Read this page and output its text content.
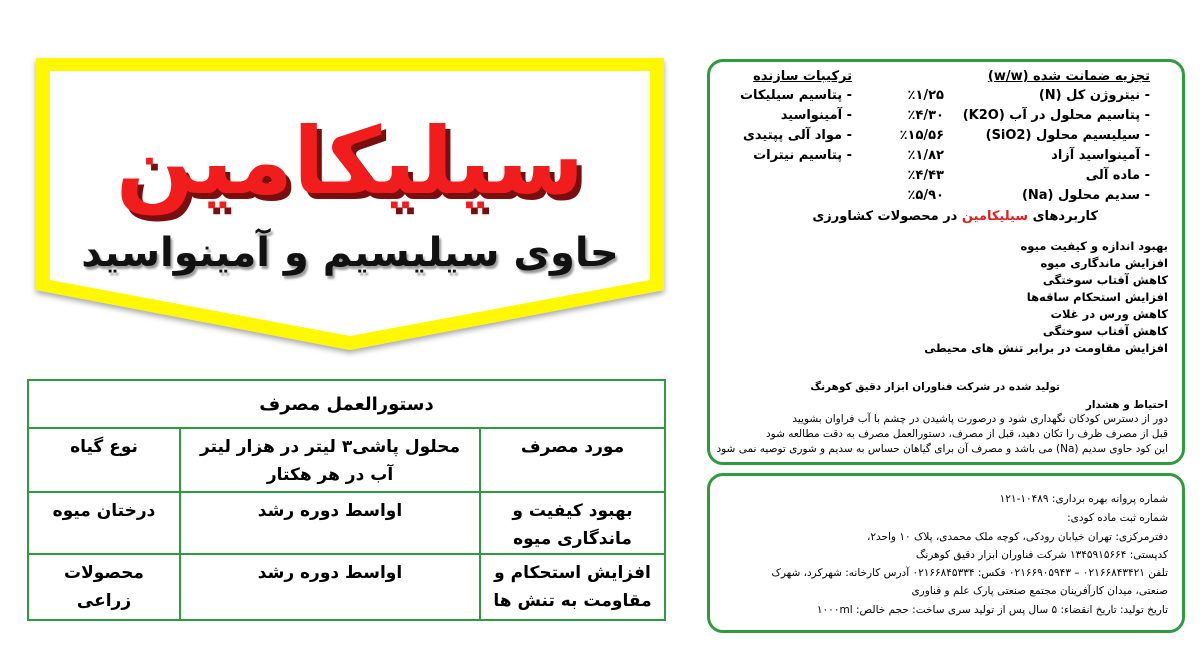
سیلیکامین
حاوی سیلیسیم و آمینواسید
دستورالعمل مصرف
مورد مصرف
محلول پاشی۳ لیتر در هزار لیتر آب در هر هکتار
نوع گیاه
بهبود کیفیت و ماندگاری میوه
اواسط دوره رشد
درختان میوه
افزایش استحکام و مقاومت به تنش ها
اواسط دوره رشد
محصولات زراعی
تجزیه ضمانت شده (w/w)
ترکیبات سازنده
- نیتروژن کل (N)
٪۱/۲۵
- پتاسیم محلول در آب (K2O)
٪۴/۳۰
- سیلیسیم محلول (SiO2)
٪۱۵/۵۶
- آمینواسید آزاد
٪۱/۸۲
- ماده آلی
٪۴/۴۳
- سدیم محلول (Na)
٪۵/۹۰
- پتاسیم سیلیکات
- آمینواسید
- مواد آلی پپتیدی
- پتاسیم نیترات
کاربردهای سیلیکامین در محصولات کشاورزی
بهبود اندازه و کیفیت میوه
افزایش ماندگاری میوه
کاهش آفتاب سوختگی
افزایش استحکام ساقه‌ها
کاهش ورس در غلات
کاهش آفتاب سوختگی
افزایش مقاومت در برابر تنش های محیطی
تولید شده در شرکت فناوران ابزار دقیق کوهرنگ
احتیاط و هشدار
دور از دسترس کودکان نگهداری شود و درصورت پاشیدن در چشم با آب فراوان بشویید
قبل از مصرف ظرف را تکان دهید، قبل از مصرف، دستورالعمل مصرف به دقت مطالعه شود
این کود حاوی سدیم (Na) می باشد و مصرف آن برای گیاهان حساس به سدیم و شوری توصیه نمی شود
شماره پروانه بهره برداری: ۱۰۴۸۹-۱۲۱
شماره ثبت ماده کودی:
دفترمرکزی: تهران خیابان رودکی، کوچه ملک محمدی، پلاک ۱۰ واحد۲،
کدپستی: ۱۳۴۵۹۱۵۶۶۴ شرکت فناوران ابزار دقیق کوهرنگ
تلفن ۰۲۱۶۶۸۴۳۴۲۱ – ۰۲۱۶۶۹۰۵۹۴۳ فکس: ۰۲۱۶۶۸۴۵۳۳۴ آدرس کارخانه: شهرکرد، شهرک
صنعتی، میدان کارآفرینان مجتمع صنعتی پارک علم و فناوری
تاریخ تولید: تاریخ انقضاء: ۵ سال پس از تولید سری ساخت: حجم خالص: ۱۰۰۰ml
